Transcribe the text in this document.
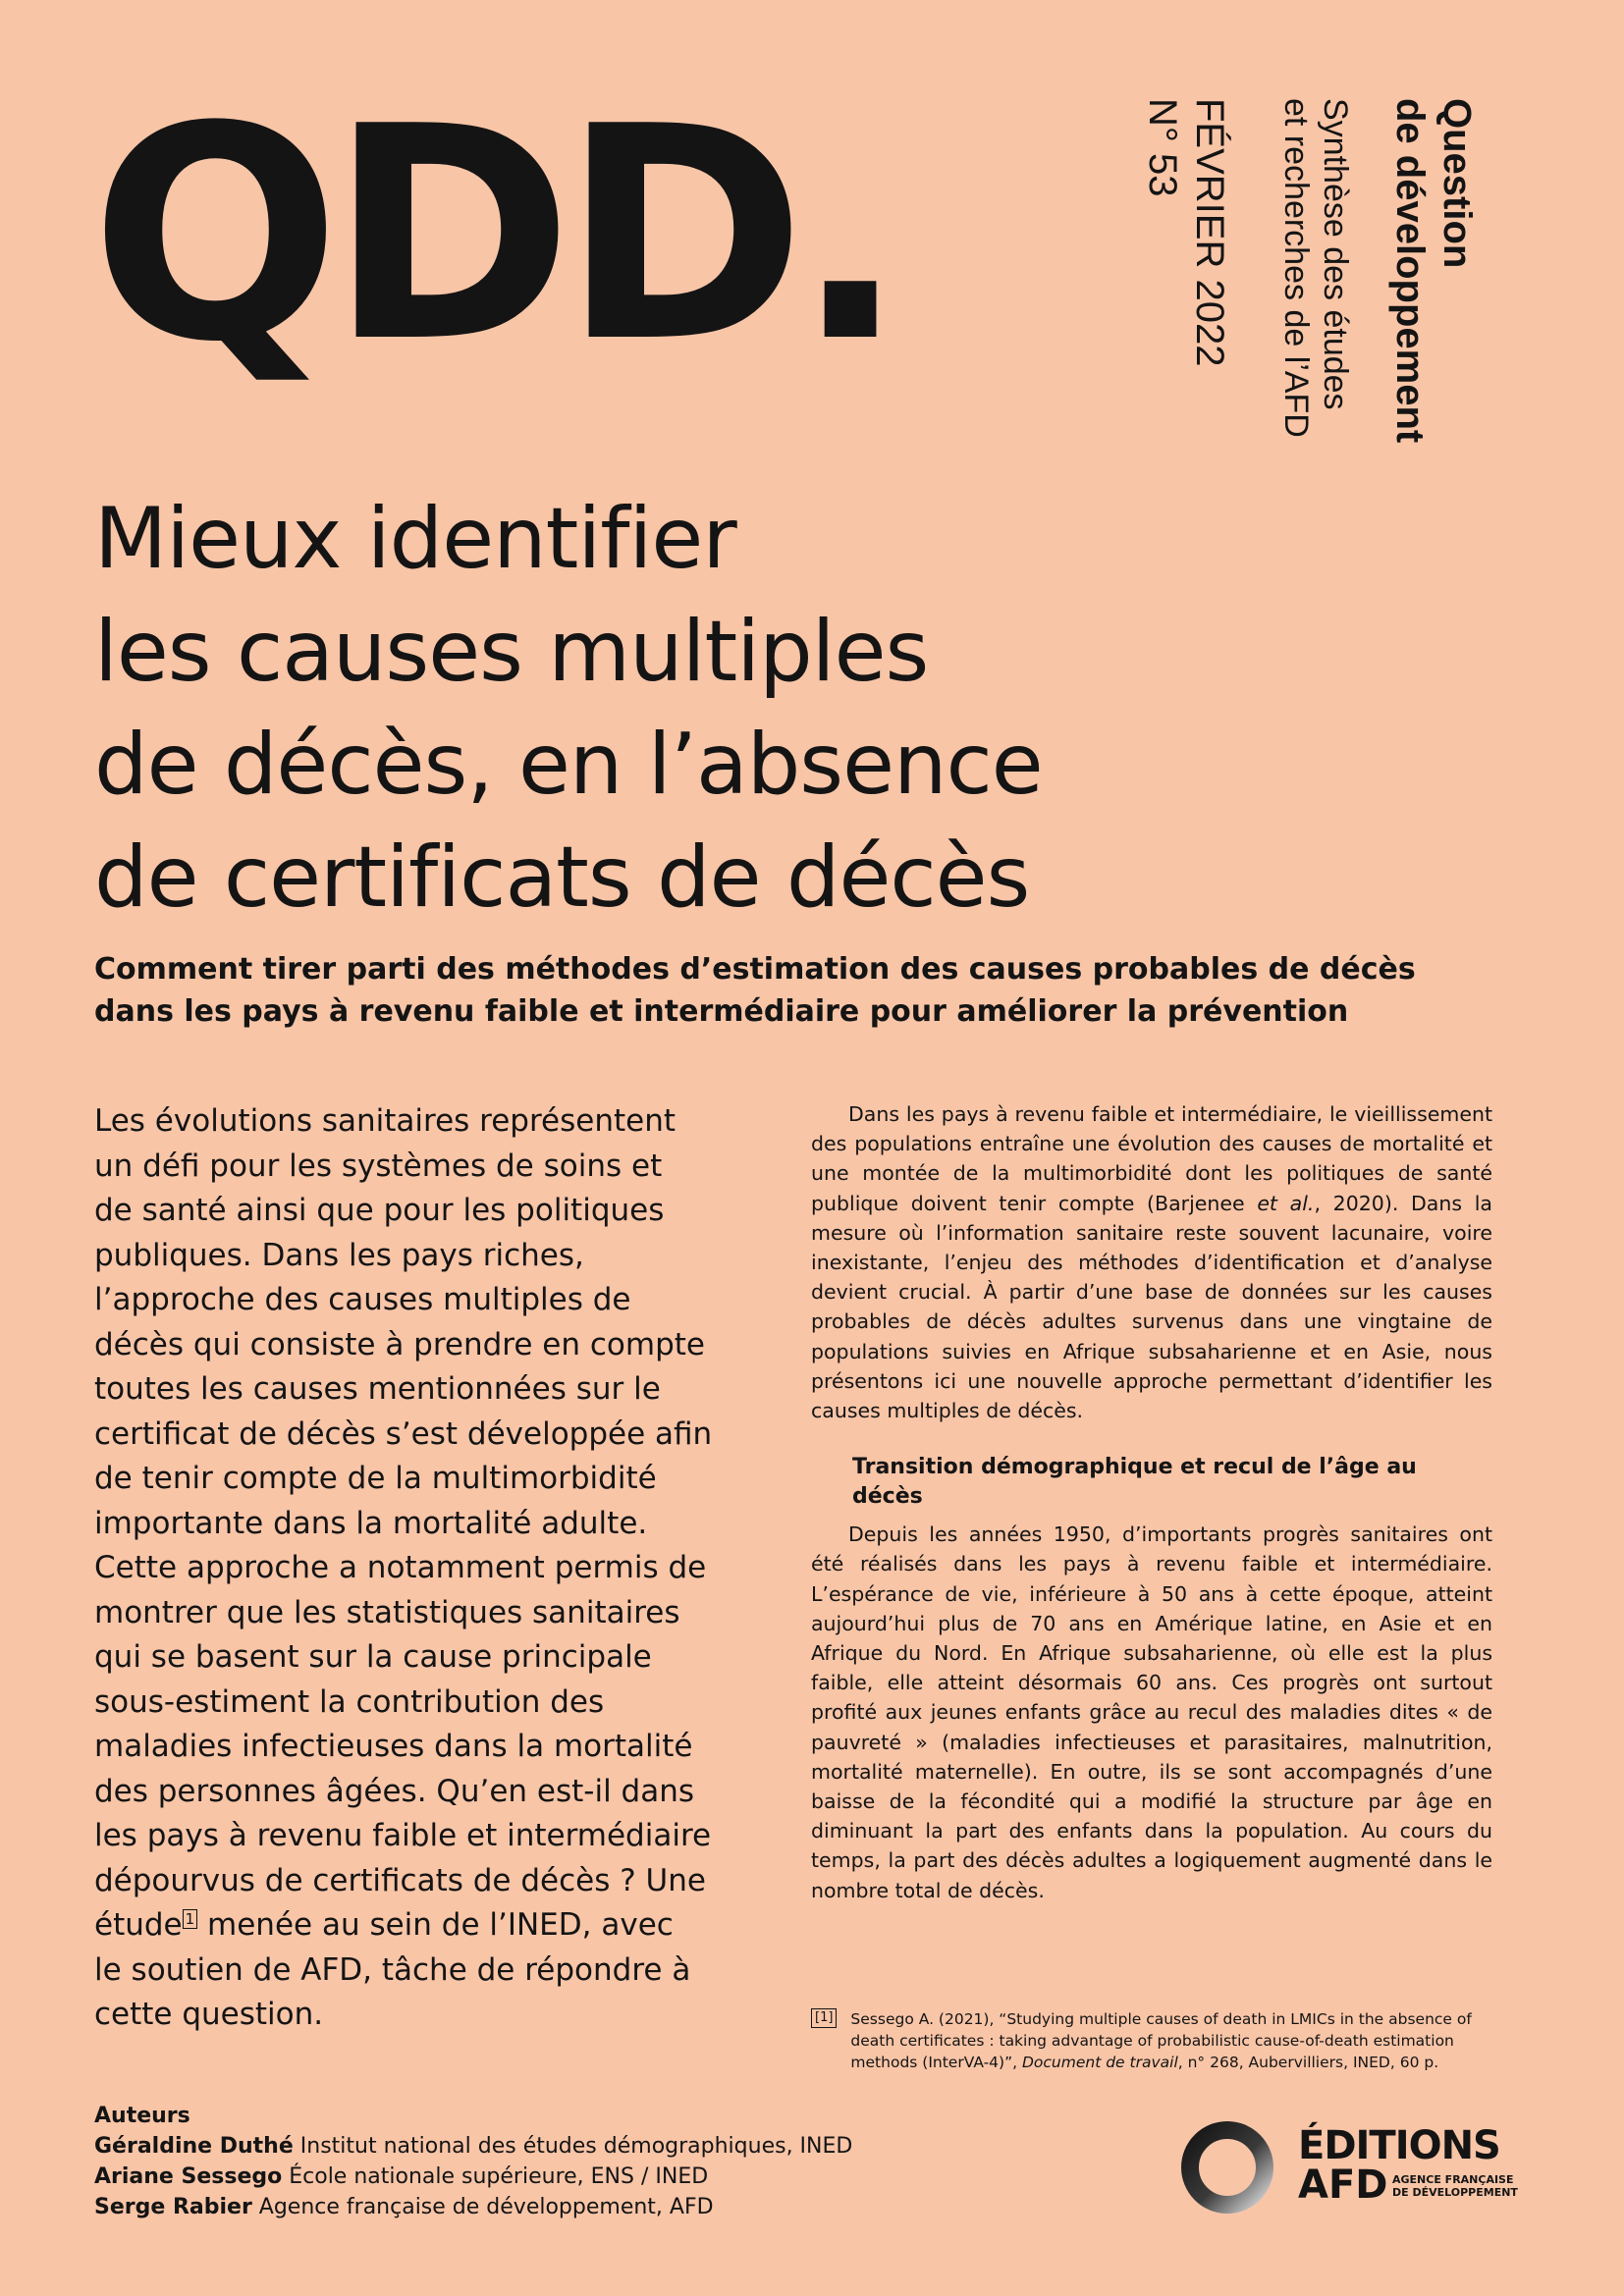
QDD.	Question
de développement
Synthèse des études
et recherches de l’AFD
FÉVRIER 2022
N° 53
Mieux identifier
les causes multiples
de décès, en l’absence
de certificats de décès
Comment tirer parti des méthodes d’estimation des causes probables de décès
dans les pays à revenu faible et intermédiaire pour améliorer la prévention
Les évolutions sanitaires représentent
un défi pour les systèmes de soins et
de santé ainsi que pour les politiques
publiques. Dans les pays riches,
l’approche des causes multiples de
décès qui consiste à prendre en compte
toutes les causes mentionnées sur le
certificat de décès s’est développée afin
de tenir compte de la multimorbidité
importante dans la mortalité adulte.
Cette approche a notamment permis de
montrer que les statistiques sanitaires
qui se basent sur la cause principale
sous-estiment la contribution des
maladies infectieuses dans la mortalité
des personnes âgées. Qu’en est-il dans
les pays à revenu faible et intermédiaire
dépourvus de certificats de décès ? Une
étude $^1$ menée au sein de l’INED, avec
le soutien de AFD, tâche de répondre à
cette question.

Dans les pays à revenu faible et intermédiaire, le vieillissement des populations entraîne une évolution des causes de mortalité et une montée de la multimorbidité dont les politiques de santé publique doivent tenir compte (Barjenee et al., 2020). Dans la mesure où l’information sanitaire reste souvent lacunaire, voire inexistante, l’enjeu des méthodes d’identification et d’analyse devient crucial. À partir d’une base de données sur les causes probables de décès adultes survenus dans une vingtaine de populations suivies en Afrique subsaharienne et en Asie, nous présentons ici une nouvelle approche permettant d’identifier les causes multiples de décès.

Transition démographique et recul de l’âge au décès

Depuis les années 1950, d’importants progrès sanitaires ont été réalisés dans les pays à revenu faible et intermédiaire. L’espérance de vie, inférieure à 50 ans à cette époque, atteint aujourd’hui plus de 70 ans en Amérique latine, en Asie et en Afrique du Nord. En Afrique subsaharienne, où elle est la plus faible, elle atteint désormais 60 ans. Ces progrès ont surtout profité aux jeunes enfants grâce au recul des maladies dites « de pauvreté » (maladies infectieuses et parasitaires, malnutrition, mortalité maternelle). En outre, ils se sont accompagnés d’une baisse de la fécondité qui a modifié la structure par âge en diminuant la part des enfants dans la population. Au cours du temps, la part des décès adultes a logiquement augmenté dans le nombre total de décès.

[1] Sessego A. (2021), “Studying multiple causes of death in LMICs in the absence of death certificates : taking advantage of probabilistic cause-of-death estimation methods (InterVA-4)”, Document de travail, n° 268, Aubervilliers, INED, 60 p.
Auteurs
Géraldine Duthé Institut national des études démographiques, INED
Ariane Sessego École nationale supérieure, ENS / INED
Serge Rabier Agence française de développement, AFD
ÉDITIONS
AFD AGENCE FRANÇAISE
DE DÉVELOPPEMENT
